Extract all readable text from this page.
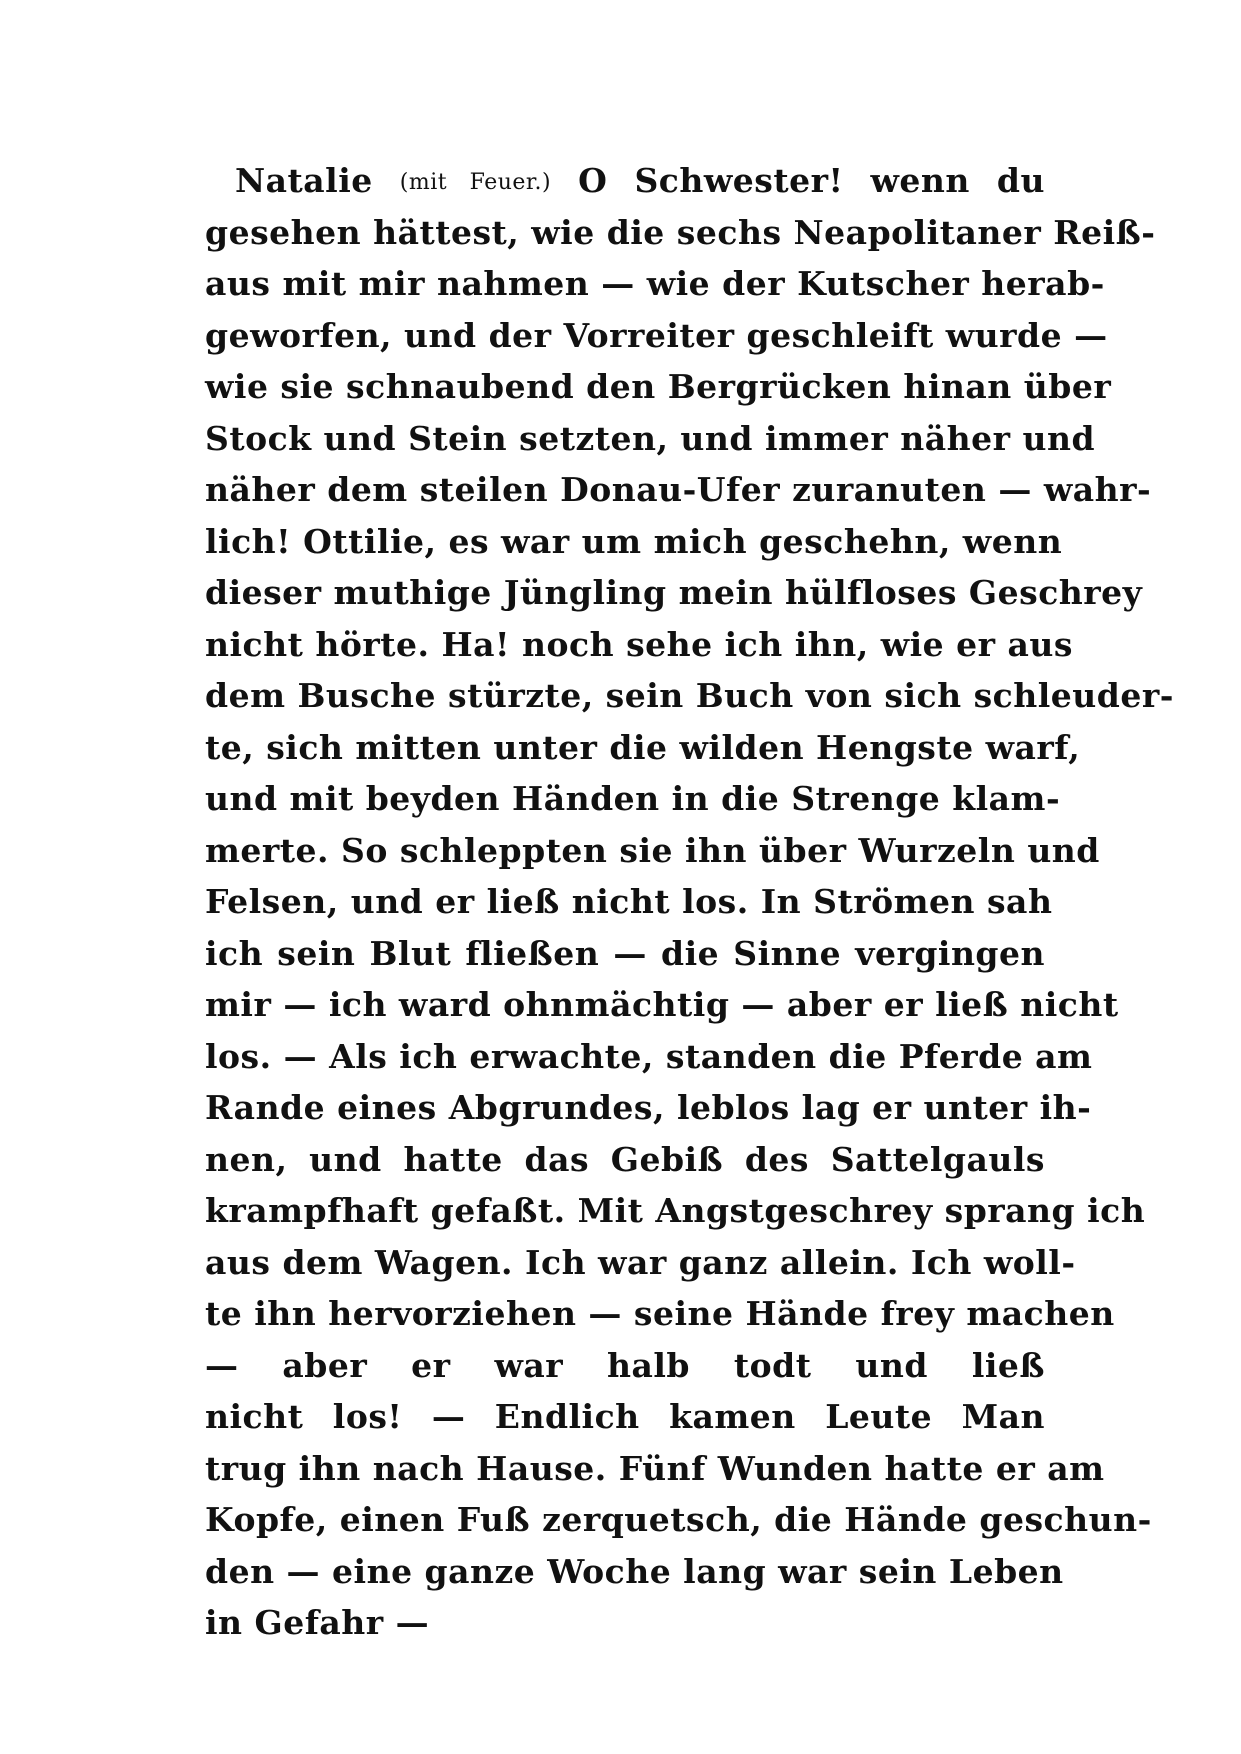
Natalie (mit Feuer.) O Schwester! wenn du
gesehen hättest, wie die sechs Neapolitaner Reiß-
aus mit mir nahmen — wie der Kutscher herab-
geworfen, und der Vorreiter geschleift wurde —
wie sie schnaubend den Bergrücken hinan über
Stock und Stein setzten, und immer näher und
näher dem steilen Donau-Ufer zuranuten — wahr-
lich! Ottilie, es war um mich geschehn, wenn
dieser muthige Jüngling mein hülfloses Geschrey
nicht hörte. Ha! noch sehe ich ihn, wie er aus
dem Busche stürzte, sein Buch von sich schleuder-
te, sich mitten unter die wilden Hengste warf,
und mit beyden Händen in die Strenge klam-
merte. So schleppten sie ihn über Wurzeln und
Felsen, und er ließ nicht los. In Strömen sah
ich sein Blut fließen — die Sinne vergingen
mir — ich ward ohnmächtig — aber er ließ nicht
los. — Als ich erwachte, standen die Pferde am
Rande eines Abgrundes, leblos lag er unter ih-
nen, und hatte das Gebiß des Sattelgauls
krampfhaft gefaßt. Mit Angstgeschrey sprang ich
aus dem Wagen. Ich war ganz allein. Ich woll-
te ihn hervorziehen — seine Hände frey machen
— aber er war halb todt und ließ
nicht los! — Endlich kamen Leute Man
trug ihn nach Hause. Fünf Wunden hatte er am
Kopfe, einen Fuß zerquetsch, die Hände geschun-
den — eine ganze Woche lang war sein Leben
in Gefahr —
